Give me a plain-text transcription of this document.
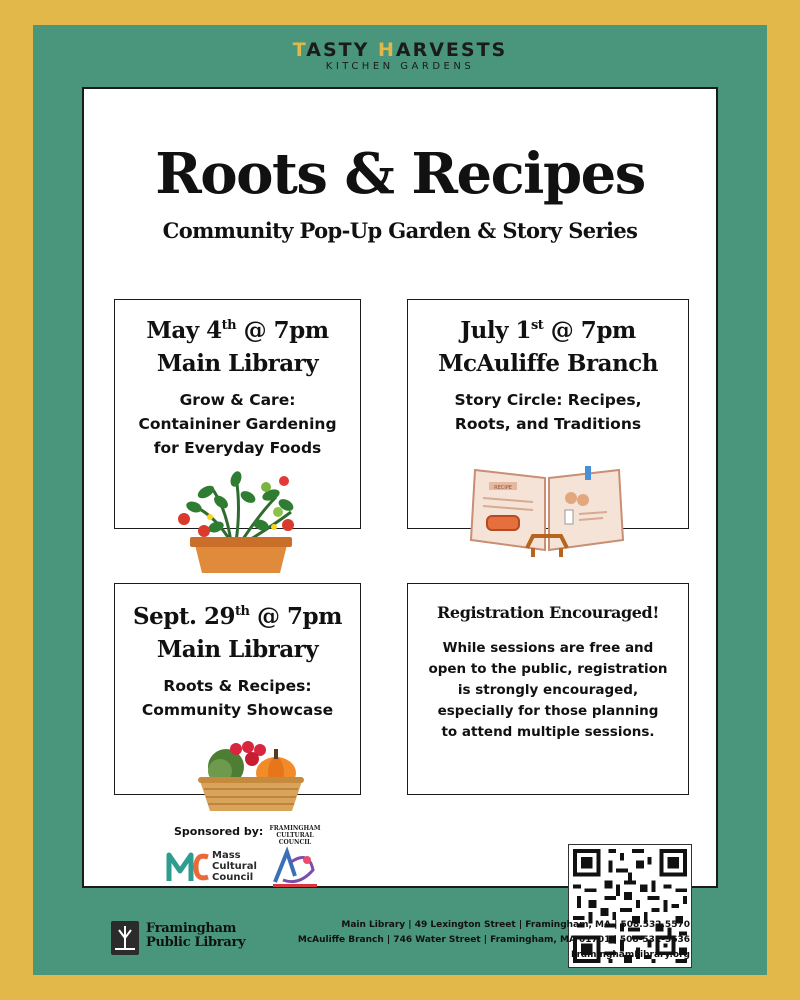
TASTY HARVESTS
KITCHEN GARDENS
Roots & Recipes
Community Pop-Up Garden & Story Series
May 4th @ 7pm
Main Library
Grow & Care:
Containiner Gardening
for Everyday Foods
July 1st @ 7pm
McAuliffe Branch
Story Circle: Recipes,
Roots, and Traditions
Sept. 29th @ 7pm
Main Library
Roots & Recipes:
Community Showcase
Registration Encouraged!
While sessions are free and
open to the public, registration
is strongly encouraged,
especially for those planning
to attend multiple sessions.
RECIPE
Sponsored by:
Mass
Cultural
Council
FRAMINGHAM
CULTURAL
COUNCIL
Framingham
Public Library
Main Library | 49 Lexington Street | Framingham, MA | 508.532.5570
McAuliffe Branch | 746 Water Street | Framingham, MA 01701 | 508-532-5636
FraminghamLibrary.org
